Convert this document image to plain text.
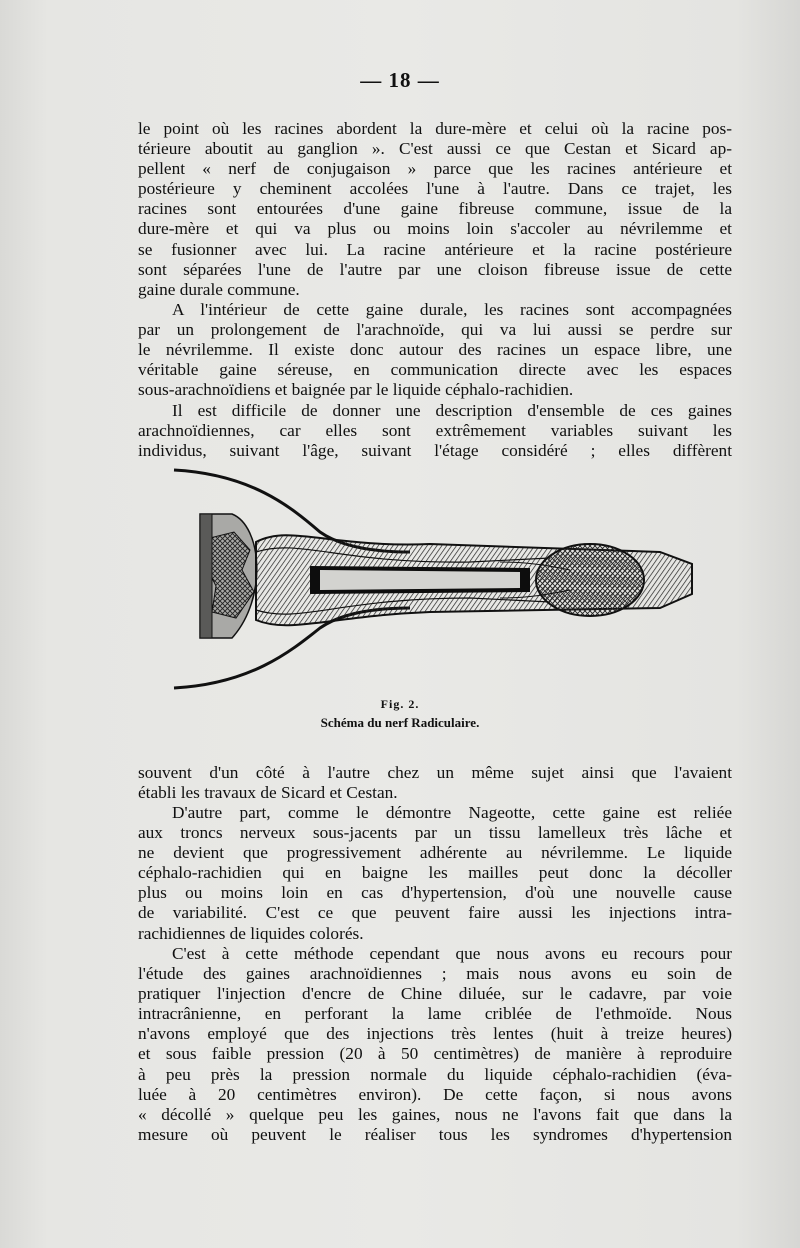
— 18 —

le point où les racines abordent la dure-mère et celui où la racine pos-
térieure aboutit au ganglion ». C'est aussi ce que Cestan et Sicard ap-
pellent « nerf de conjugaison » parce que les racines antérieure et
postérieure y cheminent accolées l'une à l'autre. Dans ce trajet, les
racines sont entourées d'une gaine fibreuse commune, issue de la
dure-mère et qui va plus ou moins loin s'accoler au névrilemme et
se fusionner avec lui. La racine antérieure et la racine postérieure
sont séparées l'une de l'autre par une cloison fibreuse issue de cette
gaine durale commune.

A l'intérieur de cette gaine durale, les racines sont accompagnées
par un prolongement de l'arachnoïde, qui va lui aussi se perdre sur
le névrilemme. Il existe donc autour des racines un espace libre, une
véritable gaine séreuse, en communication directe avec les espaces
sous-arachnoïdiens et baignée par le liquide céphalo-rachidien.

Il est difficile de donner une description d'ensemble de ces gaines
arachnoïdiennes, car elles sont extrêmement variables suivant les
individus, suivant l'âge, suivant l'étage considéré ; elles diffèrent

Fig. 2.
Schéma du nerf Radiculaire.

souvent d'un côté à l'autre chez un même sujet ainsi que l'avaient
établi les travaux de Sicard et Cestan.

D'autre part, comme le démontre Nageotte, cette gaine est reliée
aux troncs nerveux sous-jacents par un tissu lamelleux très lâche et
ne devient que progressivement adhérente au névrilemme. Le liquide
céphalo-rachidien qui en baigne les mailles peut donc la décoller
plus ou moins loin en cas d'hypertension, d'où une nouvelle cause
de variabilité. C'est ce que peuvent faire aussi les injections intra-
rachidiennes de liquides colorés.

C'est à cette méthode cependant que nous avons eu recours pour
l'étude des gaines arachnoïdiennes ; mais nous avons eu soin de
pratiquer l'injection d'encre de Chine diluée, sur le cadavre, par voie
intracrânienne, en perforant la lame criblée de l'ethmoïde. Nous
n'avons employé que des injections très lentes (huit à treize heures)
et sous faible pression (20 à 50 centimètres) de manière à reproduire
à peu près la pression normale du liquide céphalo-rachidien (éva-
luée à 20 centimètres environ). De cette façon, si nous avons
« décollé » quelque peu les gaines, nous ne l'avons fait que dans la
mesure où peuvent le réaliser tous les syndromes d'hypertension
